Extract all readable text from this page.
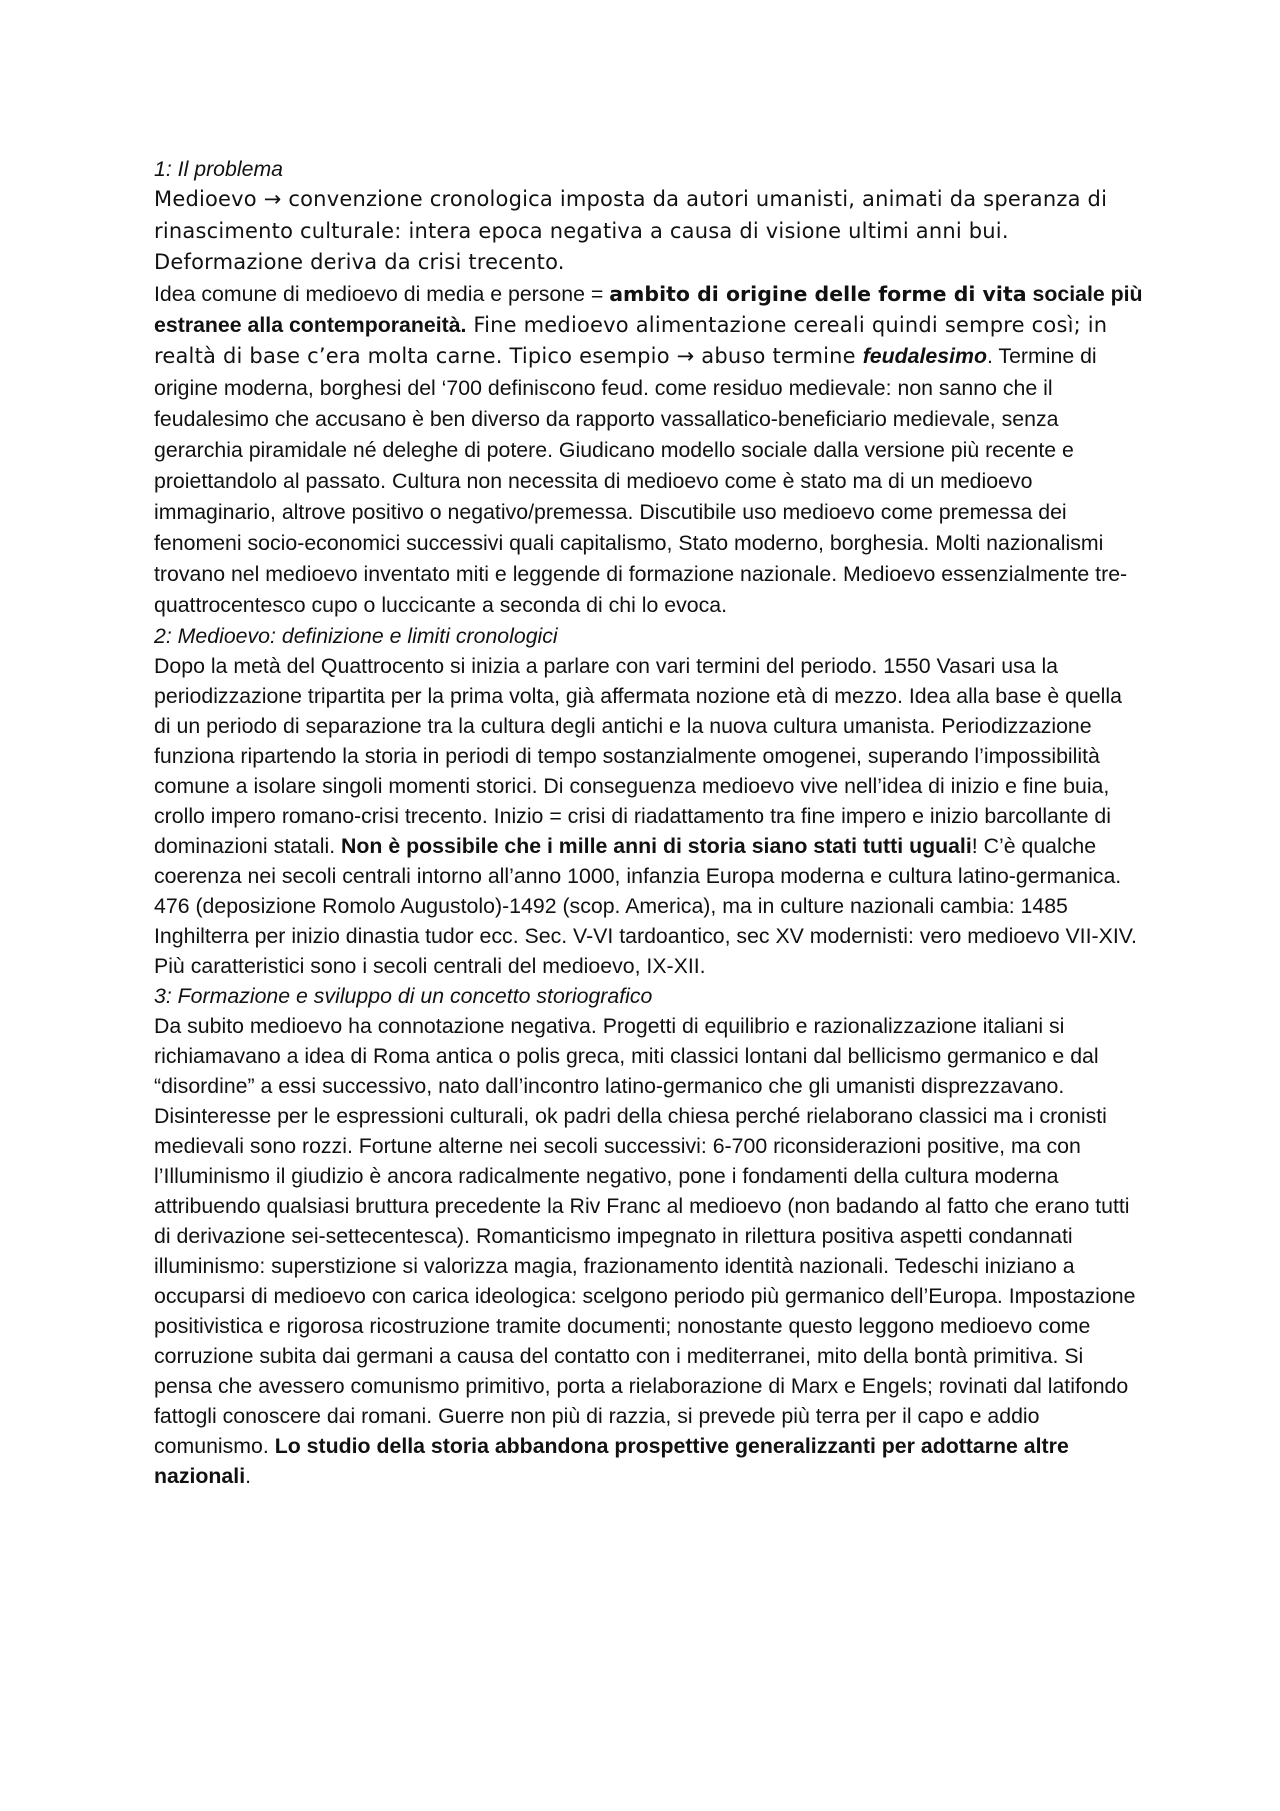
1: Il problema
Medioevo → convenzione cronologica imposta da autori umanisti, animati da speranza di rinascimento culturale: intera epoca negativa a causa di visione ultimi anni bui. Deformazione deriva da crisi trecento.
Idea comune di medioevo di media e persone = ambito di origine delle forme di vita sociale più estranee alla contemporaneità. Fine medioevo alimentazione cereali quindi sempre così; in realtà di base c’era molta carne. Tipico esempio → abuso termine feudalesimo. Termine di origine moderna, borghesi del ‘700 definiscono feud. come residuo medievale: non sanno che il feudalesimo che accusano è ben diverso da rapporto vassallatico-beneficiario medievale, senza gerarchia piramidale né deleghe di potere. Giudicano modello sociale dalla versione più recente e proiettandolo al passato. Cultura non necessita di medioevo come è stato ma di un medioevo immaginario, altrove positivo o negativo/premessa. Discutibile uso medioevo come premessa dei fenomeni socio-economici successivi quali capitalismo, Stato moderno, borghesia. Molti nazionalismi trovano nel medioevo inventato miti e leggende di formazione nazionale. Medioevo essenzialmente tre-quattrocentesco cupo o luccicante a seconda di chi lo evoca.
2: Medioevo: definizione e limiti cronologici
Dopo la metà del Quattrocento si inizia a parlare con vari termini del periodo. 1550 Vasari usa la periodizzazione tripartita per la prima volta, già affermata nozione età di mezzo. Idea alla base è quella di un periodo di separazione tra la cultura degli antichi e la nuova cultura umanista. Periodizzazione funziona ripartendo la storia in periodi di tempo sostanzialmente omogenei, superando l’impossibilità comune a isolare singoli momenti storici. Di conseguenza medioevo vive nell’idea di inizio e fine buia, crollo impero romano-crisi trecento. Inizio = crisi di riadattamento tra fine impero e inizio barcollante di dominazioni statali. Non è possibile che i mille anni di storia siano stati tutti uguali! C’è qualche coerenza nei secoli centrali intorno all’anno 1000, infanzia Europa moderna e cultura latino-germanica. 476 (deposizione Romolo Augustolo)-1492 (scop. America), ma in culture nazionali cambia: 1485 Inghilterra per inizio dinastia tudor ecc. Sec. V-VI tardoantico, sec XV modernisti: vero medioevo VII-XIV. Più caratteristici sono i secoli centrali del medioevo, IX-XII.
3: Formazione e sviluppo di un concetto storiografico
Da subito medioevo ha connotazione negativa. Progetti di equilibrio e razionalizzazione italiani si richiamavano a idea di Roma antica o polis greca, miti classici lontani dal bellicismo germanico e dal “disordine” a essi successivo, nato dall’incontro latino-germanico che gli umanisti disprezzavano. Disinteresse per le espressioni culturali, ok padri della chiesa perché rielaborano classici ma i cronisti medievali sono rozzi. Fortune alterne nei secoli successivi: 6-700 riconsiderazioni positive, ma con l’Illuminismo il giudizio è ancora radicalmente negativo, pone i fondamenti della cultura moderna attribuendo qualsiasi bruttura precedente la Riv Franc al medioevo (non badando al fatto che erano tutti di derivazione sei-settecentesca). Romanticismo impegnato in rilettura positiva aspetti condannati illuminismo: superstizione si valorizza magia, frazionamento identità nazionali. Tedeschi iniziano a occuparsi di medioevo con carica ideologica: scelgono periodo più germanico dell’Europa. Impostazione positivistica e rigorosa ricostruzione tramite documenti; nonostante questo leggono medioevo come corruzione subita dai germani a causa del contatto con i mediterranei, mito della bontà primitiva. Si pensa che avessero comunismo primitivo, porta a rielaborazione di Marx e Engels; rovinati dal latifondo fattogli conoscere dai romani. Guerre non più di razzia, si prevede più terra per il capo e addio comunismo. Lo studio della storia abbandona prospettive generalizzanti per adottarne altre nazionali.
